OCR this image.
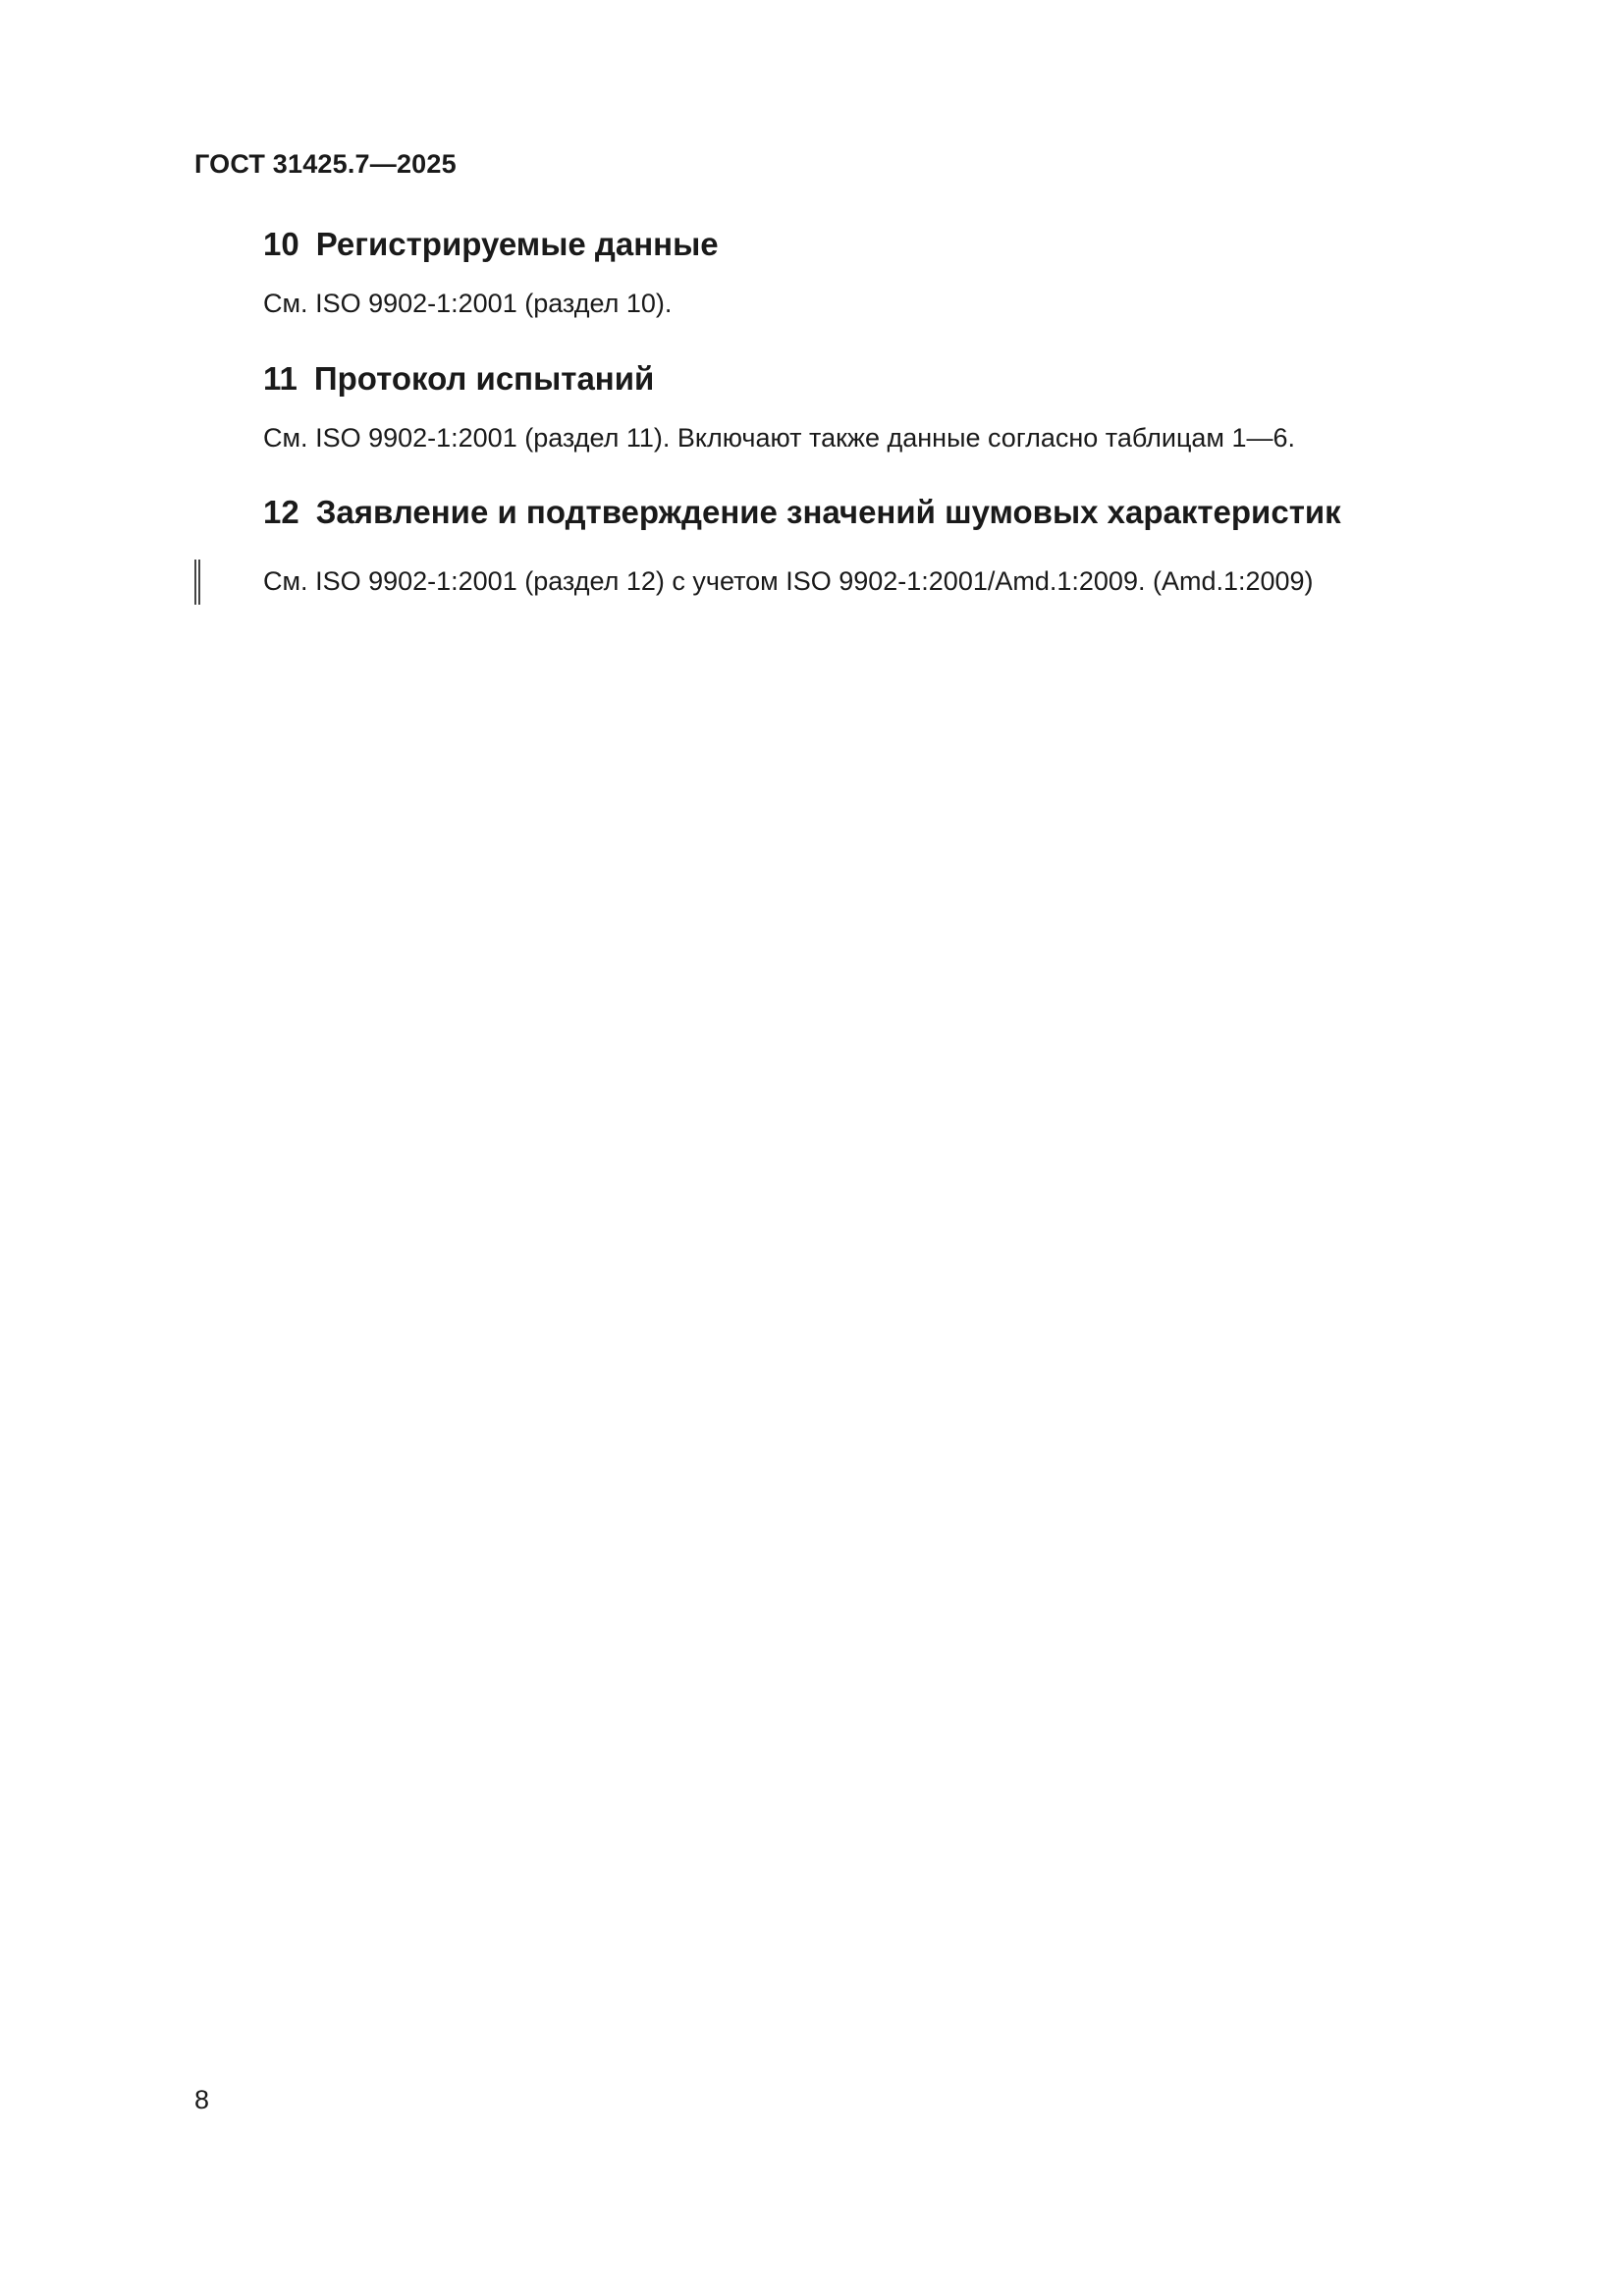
ГОСТ 31425.7—2025
10 Регистрируемые данные
См. ISO 9902-1:2001 (раздел 10).
11 Протокол испытаний
См. ISO 9902-1:2001 (раздел 11). Включают также данные согласно таблицам 1—6.
12 Заявление и подтверждение значений шумовых характеристик
См. ISO 9902-1:2001 (раздел 12) с учетом ISO 9902-1:2001/Amd.1:2009. (Amd.1:2009)
8
